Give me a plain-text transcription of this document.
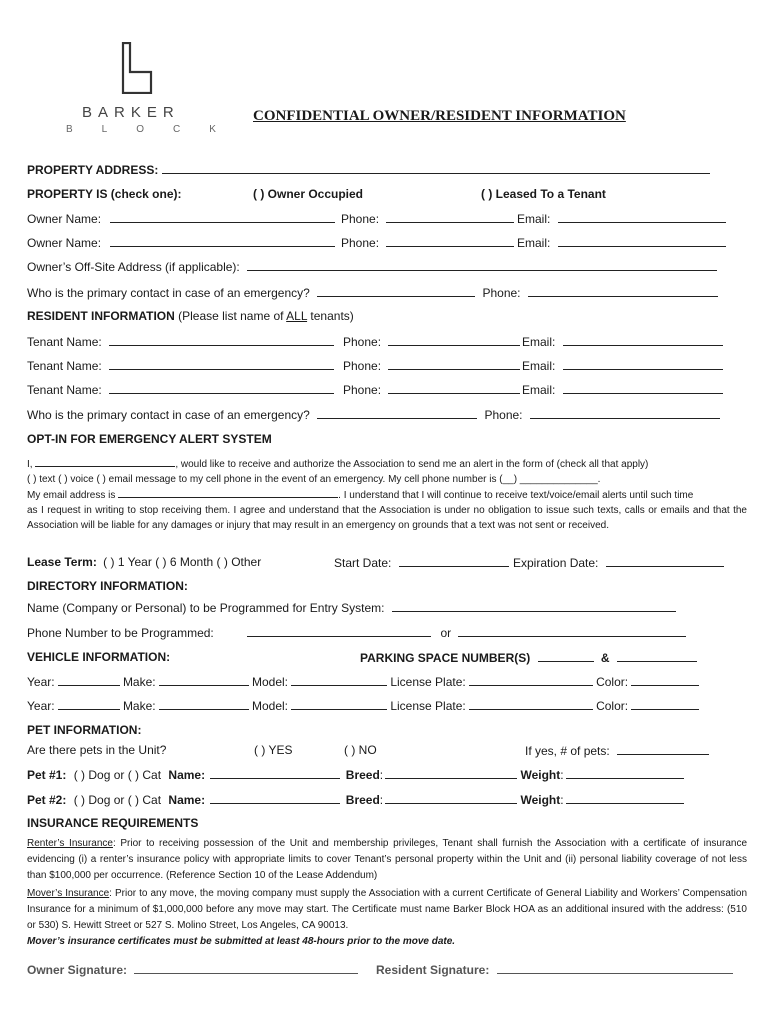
BARKER
BLOCK
CONFIDENTIAL OWNER/RESIDENT INFORMATION
PROPERTY ADDRESS:
PROPERTY IS (check one):	( ) Owner Occupied	( ) Leased To a Tenant
Owner Name:	Phone:	Email:
Owner Name:	Phone:	Email:
Owner’s Off-Site Address (if applicable):
Who is the primary contact in case of an emergency?	Phone:
RESIDENT INFORMATION (Please list name of ALL tenants)
Tenant Name:	Phone:	Email:
Tenant Name:	Phone:	Email:
Tenant Name:	Phone:	Email:
Who is the primary contact in case of an emergency?	Phone:
OPT-IN FOR EMERGENCY ALERT SYSTEM
I,	, would like to receive and authorize the Association to send me an alert in the form of (check all that apply)
( ) text ( ) voice ( ) email message to my cell phone in the event of an emergency. My cell phone number is (__) ______________.
My email address is	. I understand that I will continue to receive text/voice/email alerts until such time
as I request in writing to stop receiving them. I agree and understand that the Association is under no obligation to issue such texts, calls or emails and that the Association will be liable for any damages or injury that may result in an emergency on grounds that a text was not sent or received.
Lease Term: ( ) 1 Year ( ) 6 Month ( ) Other	Start Date:	Expiration Date:
DIRECTORY INFORMATION:
Name (Company or Personal) to be Programmed for Entry System:
Phone Number to be Programmed:	or
VEHICLE INFORMATION:	PARKING SPACE NUMBER(S)	&
Year:	Make:	Model:	License Plate:	Color:
Year:	Make:	Model:	License Plate:	Color:
PET INFORMATION:
Are there pets in the Unit?	( ) YES	( ) NO	If yes, # of pets:
Pet #1: ( ) Dog or ( ) Cat Name:	Breed:	Weight:
Pet #2: ( ) Dog or ( ) Cat Name:	Breed:	Weight:
INSURANCE REQUIREMENTS
Renter’s Insurance: Prior to receiving possession of the Unit and membership privileges, Tenant shall furnish the Association with a certificate of insurance evidencing (i) a renter’s insurance policy with appropriate limits to cover Tenant’s personal property within the Unit and (ii) personal liability coverage of not less than $100,000 per occurrence. (Reference Section 10 of the Lease Addendum)
Mover’s Insurance: Prior to any move, the moving company must supply the Association with a current Certificate of General Liability and Workers’ Compensation Insurance for a minimum of $1,000,000 before any move may start. The Certificate must name Barker Block HOA as an additional insured with the address: (510 or 530) S. Hewitt Street or 527 S. Molino Street, Los Angeles, CA 90013.
Mover’s insurance certificates must be submitted at least 48-hours prior to the move date.
Owner Signature:	Resident Signature:
